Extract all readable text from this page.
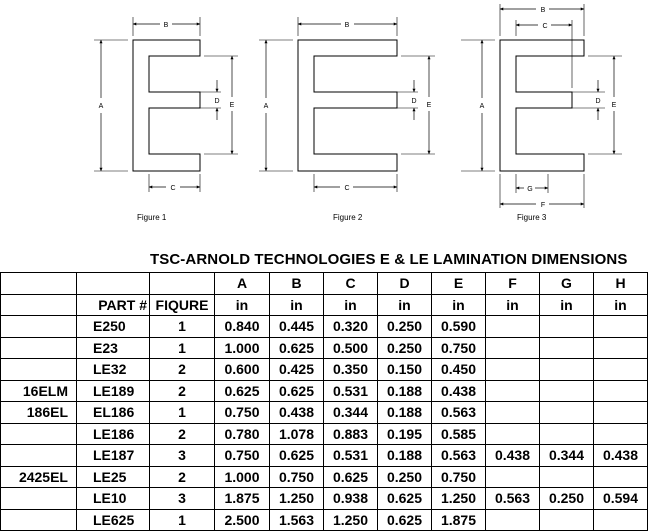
B
A
D
E
C
Figure 1
B
A
D
E
C
Figure 2
B
C
A
D
E
G
F
Figure 3
TSC-ARNOLD TECHNOLOGIES E & LE LAMINATION DIMENSIONS
			A	B	C	D	E	F	G	H
	PART #	FIQURE	in	in	in	in	in	in	in	in
	E250	1	0.840	0.445	0.320	0.250	0.590			
	E23	1	1.000	0.625	0.500	0.250	0.750			
	LE32	2	0.600	0.425	0.350	0.150	0.450			
16ELM	LE189	2	0.625	0.625	0.531	0.188	0.438			
186EL	EL186	1	0.750	0.438	0.344	0.188	0.563			
	LE186	2	0.780	1.078	0.883	0.195	0.585			
	LE187	3	0.750	0.625	0.531	0.188	0.563	0.438	0.344	0.438
2425EL	LE25	2	1.000	0.750	0.625	0.250	0.750			
	LE10	3	1.875	1.250	0.938	0.625	1.250	0.563	0.250	0.594
	LE625	1	2.500	1.563	1.250	0.625	1.875			
